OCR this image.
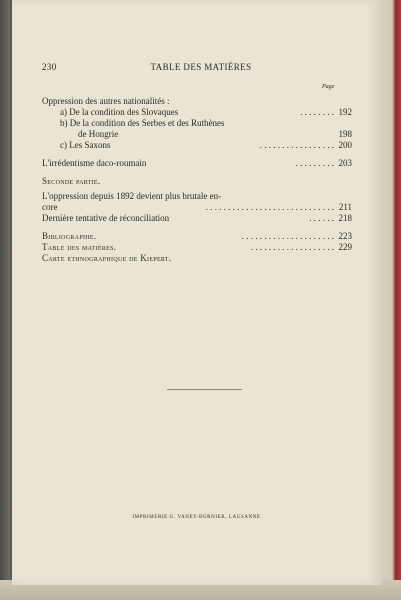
230	TABLE DES MATIÈRES
Page
Oppression des autres nationalités :
a) De la condition des Slovaques	. . . . . . . . 192
b) De la condition des Serbes et des Ruthènes
de Hongrie	198
c) Les Saxons	. . . . . . . . . . . . . . . . . 200
L'irrédentisme daco-roumain	. . . . . . . . . 203
Seconde partie.
L'oppression depuis 1892 devient plus brutale en-
core	. . . . . . . . . . . . . . . . . . . . . . . . . . . . . 211
Dernière tentative de réconciliation	. . . . . . 218
Bibliographie.	. . . . . . . . . . . . . . . . . . . . . 223
Table des matières.	. . . . . . . . . . . . . . . . . . . 229
Carte ethnographique de Kiepert.
IMPRIMERIE G. VANEY-BURNIER, LAUSANNE
